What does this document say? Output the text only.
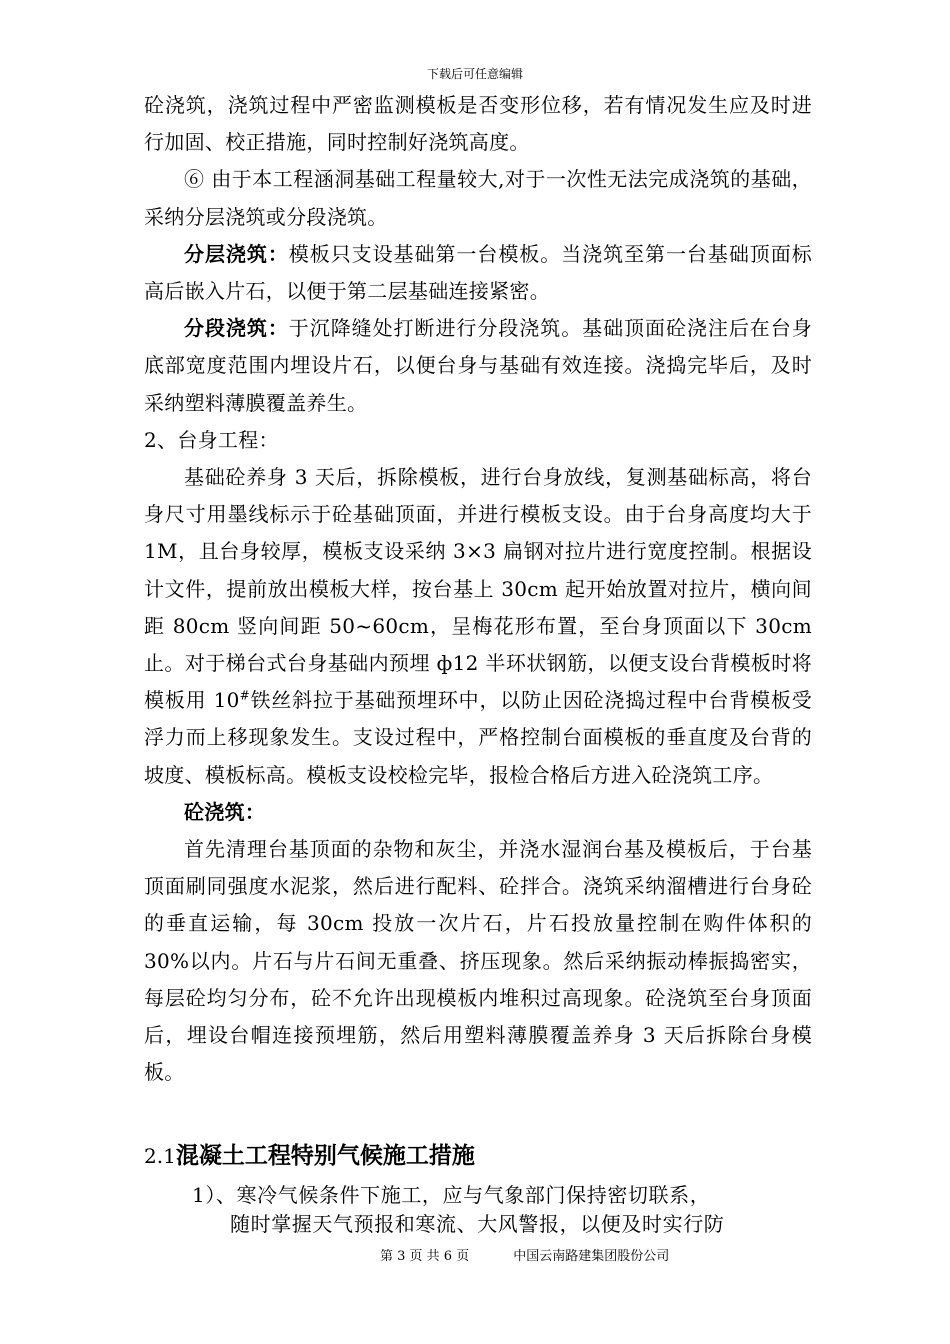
下载后可任意编辑

砼浇筑，浇筑过程中严密监测模板是否变形位移，若有情况发生应及时进行加固、校正措施，同时控制好浇筑高度。

⑥ 由于本工程涵洞基础工程量较大,对于一次性无法完成浇筑的基础，采纳分层浇筑或分段浇筑。

分层浇筑：模板只支设基础第一台模板。当浇筑至第一台基础顶面标高后嵌入片石，以便于第二层基础连接紧密。

分段浇筑：于沉降缝处打断进行分段浇筑。基础顶面砼浇注后在台身底部宽度范围内埋设片石，以便台身与基础有效连接。浇捣完毕后，及时采纳塑料薄膜覆盖养生。

2、台身工程：

基础砼养身 3 天后，拆除模板，进行台身放线，复测基础标高，将台身尺寸用墨线标示于砼基础顶面，并进行模板支设。由于台身高度均大于 1M，且台身较厚，模板支设采纳 3×3 扁钢对拉片进行宽度控制。根据设计文件，提前放出模板大样，按台基上 30cm 起开始放置对拉片，横向间距 80cm 竖向间距 50~60cm，呈梅花形布置，至台身顶面以下 30cm 止。对于梯台式台身基础内预埋 ф12 半环状钢筋，以便支设台背模板时将模板用 10#铁丝斜拉于基础预埋环中，以防止因砼浇捣过程中台背模板受浮力而上移现象发生。支设过程中，严格控制台面模板的垂直度及台背的坡度、模板标高。模板支设校检完毕，报检合格后方进入砼浇筑工序。

砼浇筑：

首先清理台基顶面的杂物和灰尘，并浇水湿润台基及模板后，于台基顶面刷同强度水泥浆，然后进行配料、砼拌合。浇筑采纳溜槽进行台身砼的垂直运输，每 30cm 投放一次片石，片石投放量控制在购件体积的 30%以内。片石与片石间无重叠、挤压现象。然后采纳振动棒振捣密实，每层砼均匀分布，砼不允许出现模板内堆积过高现象。砼浇筑至台身顶面后，埋设台帽连接预埋筋，然后用塑料薄膜覆盖养身 3 天后拆除台身模板。

2.1混凝土工程特别气候施工措施

1）、寒冷气候条件下施工，应与气象部门保持密切联系，
随时掌握天气预报和寒流、大风警报，以便及时实行防

第 3 页 共 6 页	中国云南路建集团股份公司
